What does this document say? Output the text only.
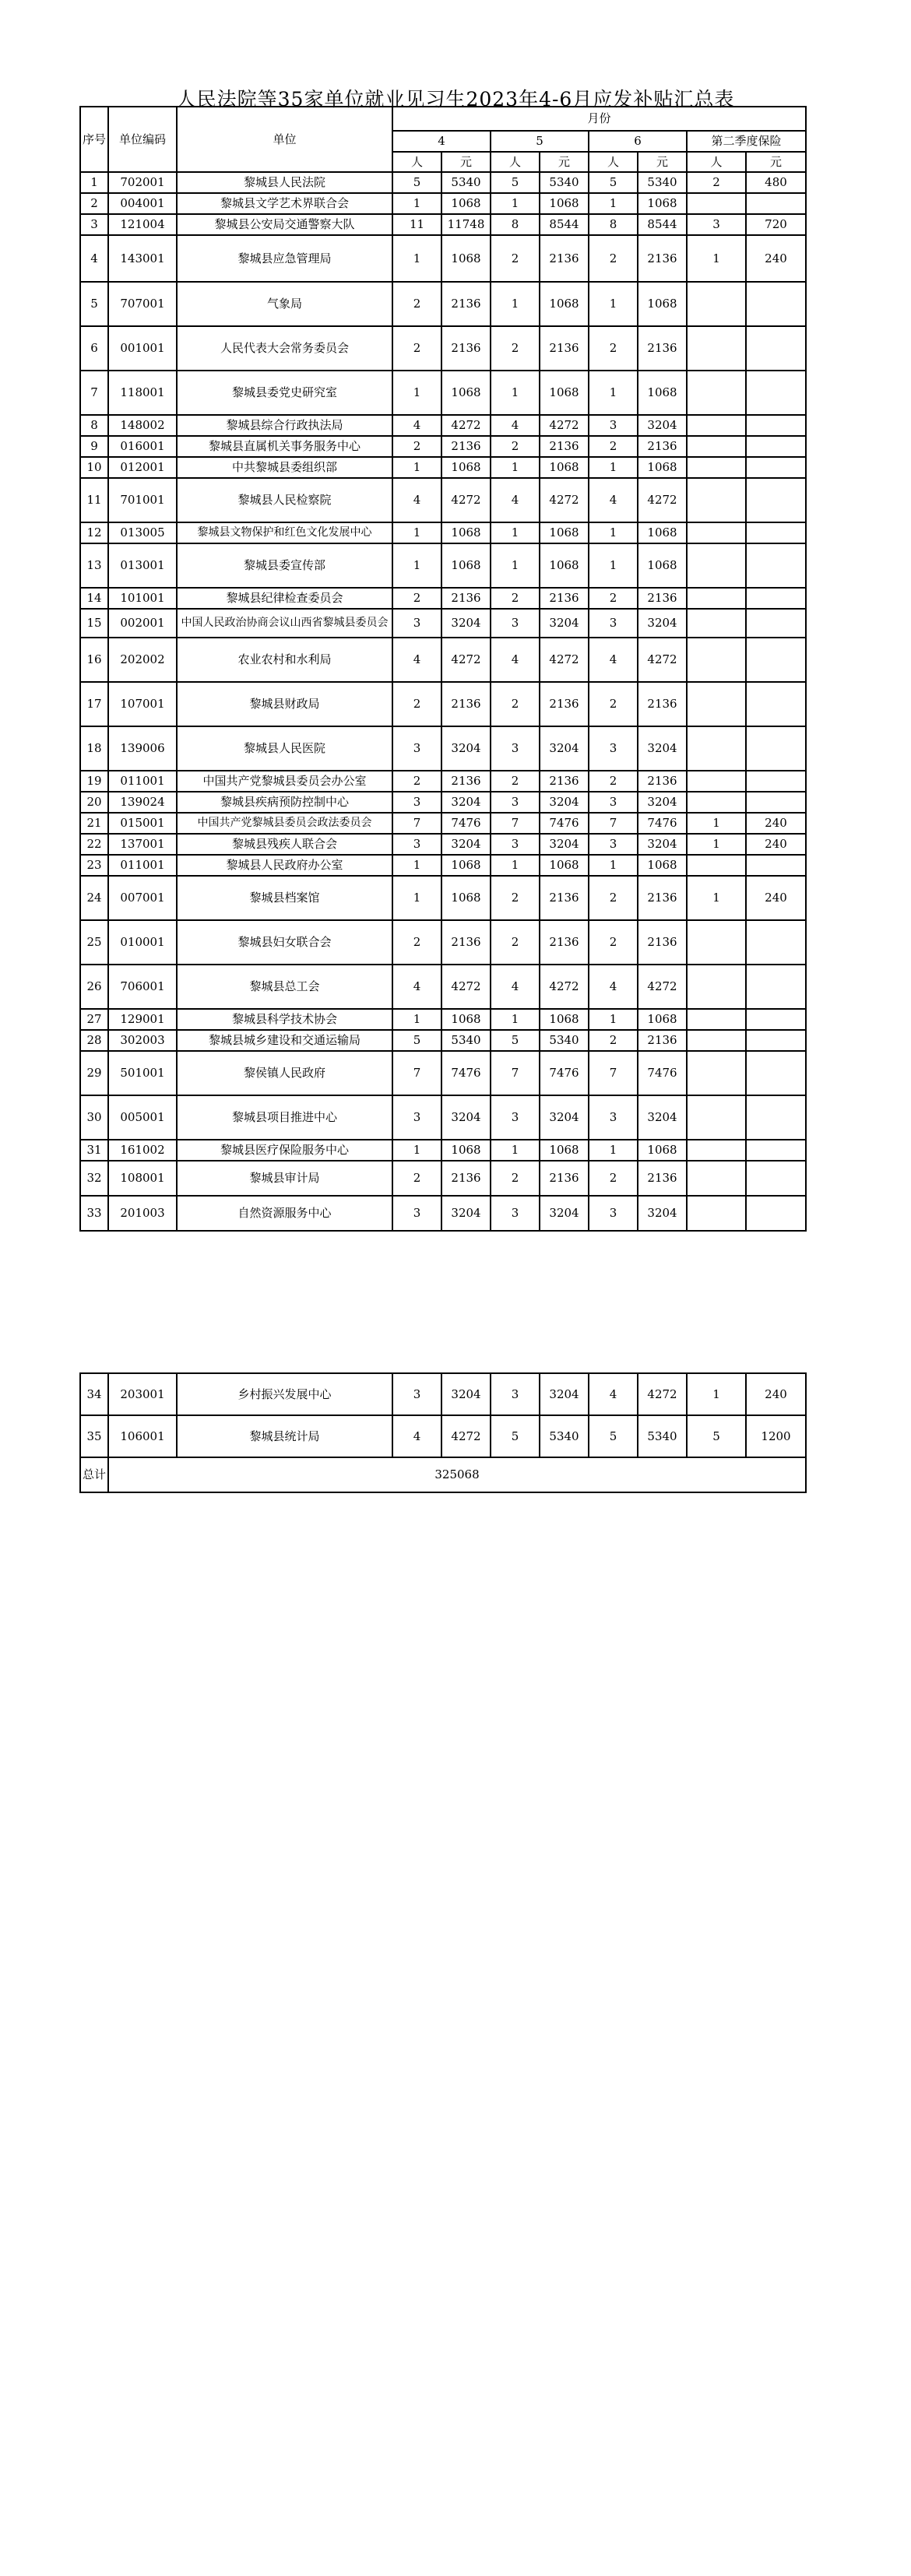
人民法院等35家单位就业见习生2023年4-6月应发补贴汇总表
序号	单位编码	单位	月份							
			4		5		6		第二季度保险	
			人	元	人	元	人	元	人	元
1	702001	黎城县人民法院	5	5340	5	5340	5	5340	2	480
2	004001	黎城县文学艺术界联合会	1	1068	1	1068	1	1068		
3	121004	黎城县公安局交通警察大队	11	11748	8	8544	8	8544	3	720
4	143001	黎城县应急管理局	1	1068	2	2136	2	2136	1	240
5	707001	气象局	2	2136	1	1068	1	1068		
6	001001	人民代表大会常务委员会	2	2136	2	2136	2	2136		
7	118001	黎城县委党史研究室	1	1068	1	1068	1	1068		
8	148002	黎城县综合行政执法局	4	4272	4	4272	3	3204		
9	016001	黎城县直属机关事务服务中心	2	2136	2	2136	2	2136		
10	012001	中共黎城县委组织部	1	1068	1	1068	1	1068		
11	701001	黎城县人民检察院	4	4272	4	4272	4	4272		
12	013005	黎城县文物保护和红色文化发展中心	1	1068	1	1068	1	1068		
13	013001	黎城县委宣传部	1	1068	1	1068	1	1068		
14	101001	黎城县纪律检查委员会	2	2136	2	2136	2	2136		
15	002001	中国人民政治协商会议山西省黎城县委员会	3	3204	3	3204	3	3204		
16	202002	农业农村和水利局	4	4272	4	4272	4	4272		
17	107001	黎城县财政局	2	2136	2	2136	2	2136		
18	139006	黎城县人民医院	3	3204	3	3204	3	3204		
19	011001	中国共产党黎城县委员会办公室	2	2136	2	2136	2	2136		
20	139024	黎城县疾病预防控制中心	3	3204	3	3204	3	3204		
21	015001	中国共产党黎城县委员会政法委员会	7	7476	7	7476	7	7476	1	240
22	137001	黎城县残疾人联合会	3	3204	3	3204	3	3204	1	240
23	011001	黎城县人民政府办公室	1	1068	1	1068	1	1068		
24	007001	黎城县档案馆	1	1068	2	2136	2	2136	1	240
25	010001	黎城县妇女联合会	2	2136	2	2136	2	2136		
26	706001	黎城县总工会	4	4272	4	4272	4	4272		
27	129001	黎城县科学技术协会	1	1068	1	1068	1	1068		
28	302003	黎城县城乡建设和交通运输局	5	5340	5	5340	2	2136		
29	501001	黎侯镇人民政府	7	7476	7	7476	7	7476		
30	005001	黎城县项目推进中心	3	3204	3	3204	3	3204		
31	161002	黎城县医疗保险服务中心	1	1068	1	1068	1	1068		
32	108001	黎城县审计局	2	2136	2	2136	2	2136		
33	201003	自然资源服务中心	3	3204	3	3204	3	3204		
34	203001	乡村振兴发展中心	3	3204	3	3204	4	4272	1	240
35	106001	黎城县统计局	4	4272	5	5340	5	5340	5	1200
总计	325068									
